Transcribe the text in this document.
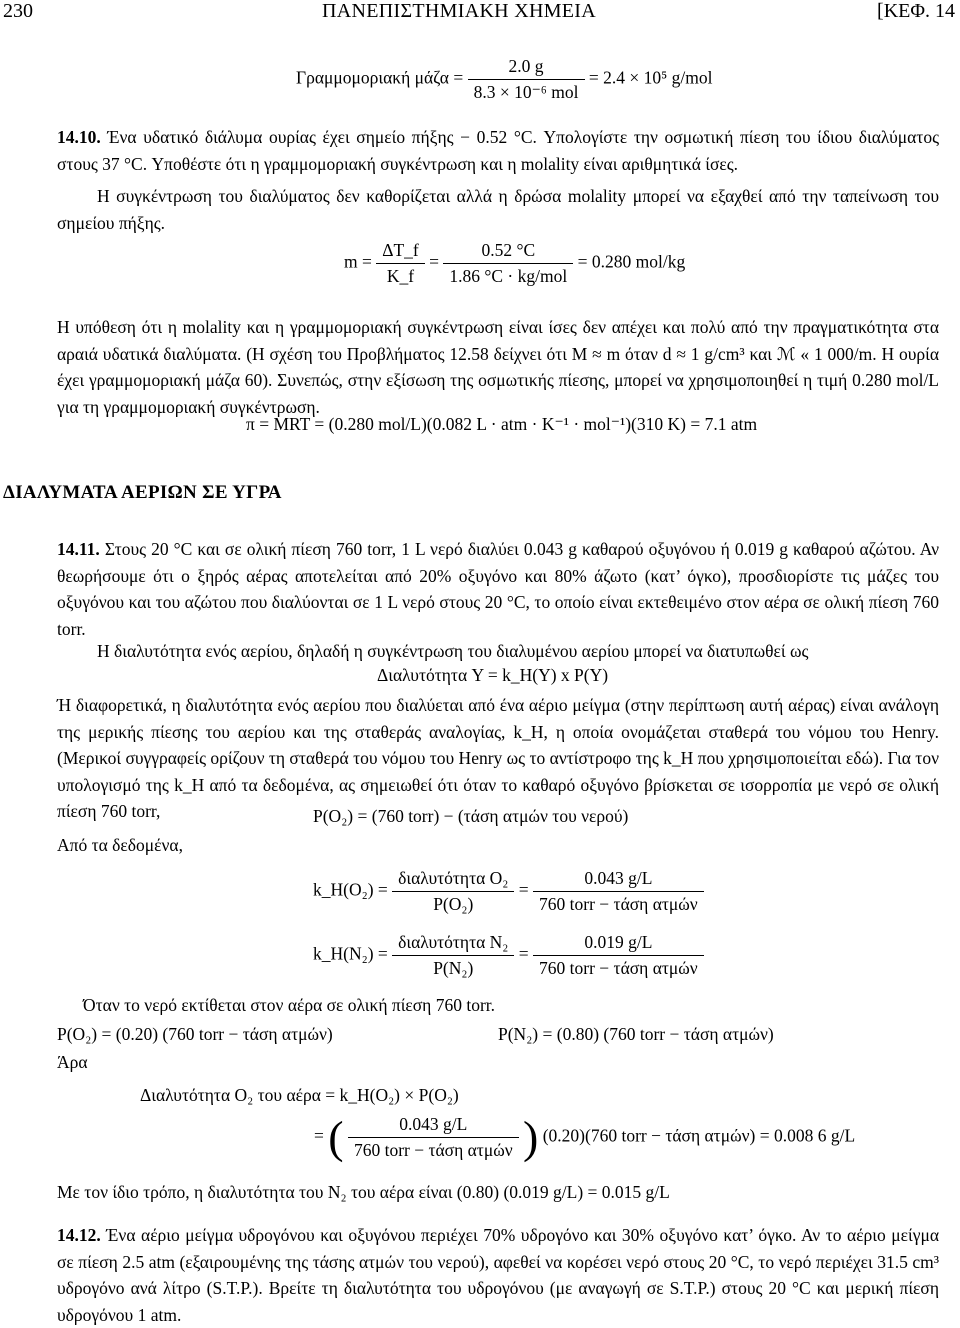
230	ΠΑΝΕΠΙΣΤΗΜΙΑΚΗ ΧΗΜΕΙΑ	[ΚΕΦ. 14
Γραμμομοριακή $\mu ά\zeta\alpha = \frac{2.0 g}{\text{8.3 × 10⁻⁶ mol}} = 2.4 \times 10^5$ g/mol
14.10. Ένα υδατικό διάλυμα ουρίας έχει σημείο πήξης − 0.52 °C. Υπολογίστε την οσμωτική πίεση του ίδιου διαλύματος στους 37 °C. Υποθέστε ότι η γραμμομοριακή συγκέντρωση και η molality είναι αριθμητικά ίσες.
Η συγκέντρωση του διαλύματος δεν καθορίζεται αλλά η δρώσα molality μπορεί να εξαχθεί από την ταπείνωση του σημείου πήξης.
$m = \frac{\Delta T\_f}{K\_f} = \frac{0.52 ^\circ C}{\text{1.86 °C · kg/mol}} = 0.280$ mol/kg
Η υπόθεση ότι η molality και η γραμμομοριακή συγκέντρωση είναι ίσες δεν απέχει και πολύ από την πραγματικότητα στα αραιά υδατικά διαλύματα. (Η σχέση του Προβλήματος 12.58 δείχνει ότι M ≈ m όταν d ≈ 1 g/cm³ και ℳ « 1 000/m. Η ουρία έχει γραμμομοριακή μάζα 60). Συνεπώς, στην εξίσωση της οσμωτικής πίεσης, μπορεί να χρησιμοποιηθεί η τιμή 0.280 mol/L για τη γραμμομοριακή συγκέντρωση.
π = MRT = (0.280 mol/L)(0.082 L · atm · K⁻¹ · mol⁻¹)(310 K) = 7.1 atm
ΔΙΑΛΥΜΑΤΑ ΑΕΡΙΩΝ ΣΕ ΥΓΡΑ
14.11. Στους 20 °C και σε ολική πίεση 760 torr, 1 L νερό διαλύει 0.043 g καθαρού οξυγόνου ή 0.019 g καθαρού αζώτου. Αν θεωρήσουμε ότι ο ξηρός αέρας αποτελείται από 20% οξυγόνο και 80% άζωτο (κατ’ όγκο), προσδιορίστε τις μάζες του οξυγόνου και του αζώτου που διαλύονται σε 1 L νερό στους 20 °C, το οποίο είναι εκτεθειμένο στον αέρα σε ολική πίεση 760 torr.
Η διαλυτότητα ενός αερίου, δηλαδή η συγκέντρωση του διαλυμένου αερίου μπορεί να διατυπωθεί ως
Διαλυτότητα Y = k_H(Y) x P(Y)
Ή διαφορετικά, η διαλυτότητα ενός αερίου που διαλύεται από ένα αέριο μείγμα (στην περίπτωση αυτή αέρας) είναι ανάλογη της μερικής πίεσης του αερίου και της σταθεράς αναλογίας, k_H, η οποία ονομάζεται σταθερά του νόμου του Henry. (Μερικοί συγγραφείς ορίζουν τη σταθερά του νόμου του Henry ως το αντίστροφο της k_H που χρησιμοποιείται εδώ). Για τον υπολογισμό της k_H από τα δεδομένα, ας σημειωθεί ότι όταν το καθαρό οξυγόνο βρίσκεται σε ισορροπία με νερό σε ολική πίεση 760 torr,	P(O₂) = (760 torr) − (τάση ατμών του νερού)
Από τα δεδομένα,
k_H(O₂) = $\frac{\text{διαλυτότητα O₂}}{\text{P(O₂)}} = \frac{0.043 g/L}{\text{760 torr − τάση ατμών}}$
k_H(N₂) = $\frac{\text{διαλυτότητα N₂}}{\text{P(N₂)}} = \frac{0.019 g/L}{\text{760 torr − τάση ατμών}}$
Όταν το νερό εκτίθεται στον αέρα σε ολική πίεση 760 torr.
P(O₂) = (0.20) (760 torr − τάση ατμών)	P(N₂) = (0.80) (760 torr − τάση ατμών)
Άρα
Διαλυτότητα O₂ του αέρα = k_H(O₂) × P(O₂)
= ( $\frac{0.043 g/L}{\text{760 torr − τάση ατμών}}$ ) (0.20)(760 torr − τάση ατμών) = 0.008 6 g/L
Με τον ίδιο τρόπο, η διαλυτότητα του N₂ του αέρα είναι (0.80) (0.019 g/L) = 0.015 g/L
14.12. Ένα αέριο μείγμα υδρογόνου και οξυγόνου περιέχει 70% υδρογόνο και 30% οξυγόνο κατ’ όγκο. Αν το αέριο μείγμα σε πίεση 2.5 atm (εξαιρουμένης της τάσης ατμών του νερού), αφεθεί να κορέσει νερό στους 20 °C, το νερό περιέχει 31.5 cm³ υδρογόνο ανά λίτρο (S.T.P.). Βρείτε τη διαλυτότητα του υδρογόνου (με αναγωγή σε S.T.P.) στους 20 °C και μερική πίεση υδρογόνου 1 atm.
